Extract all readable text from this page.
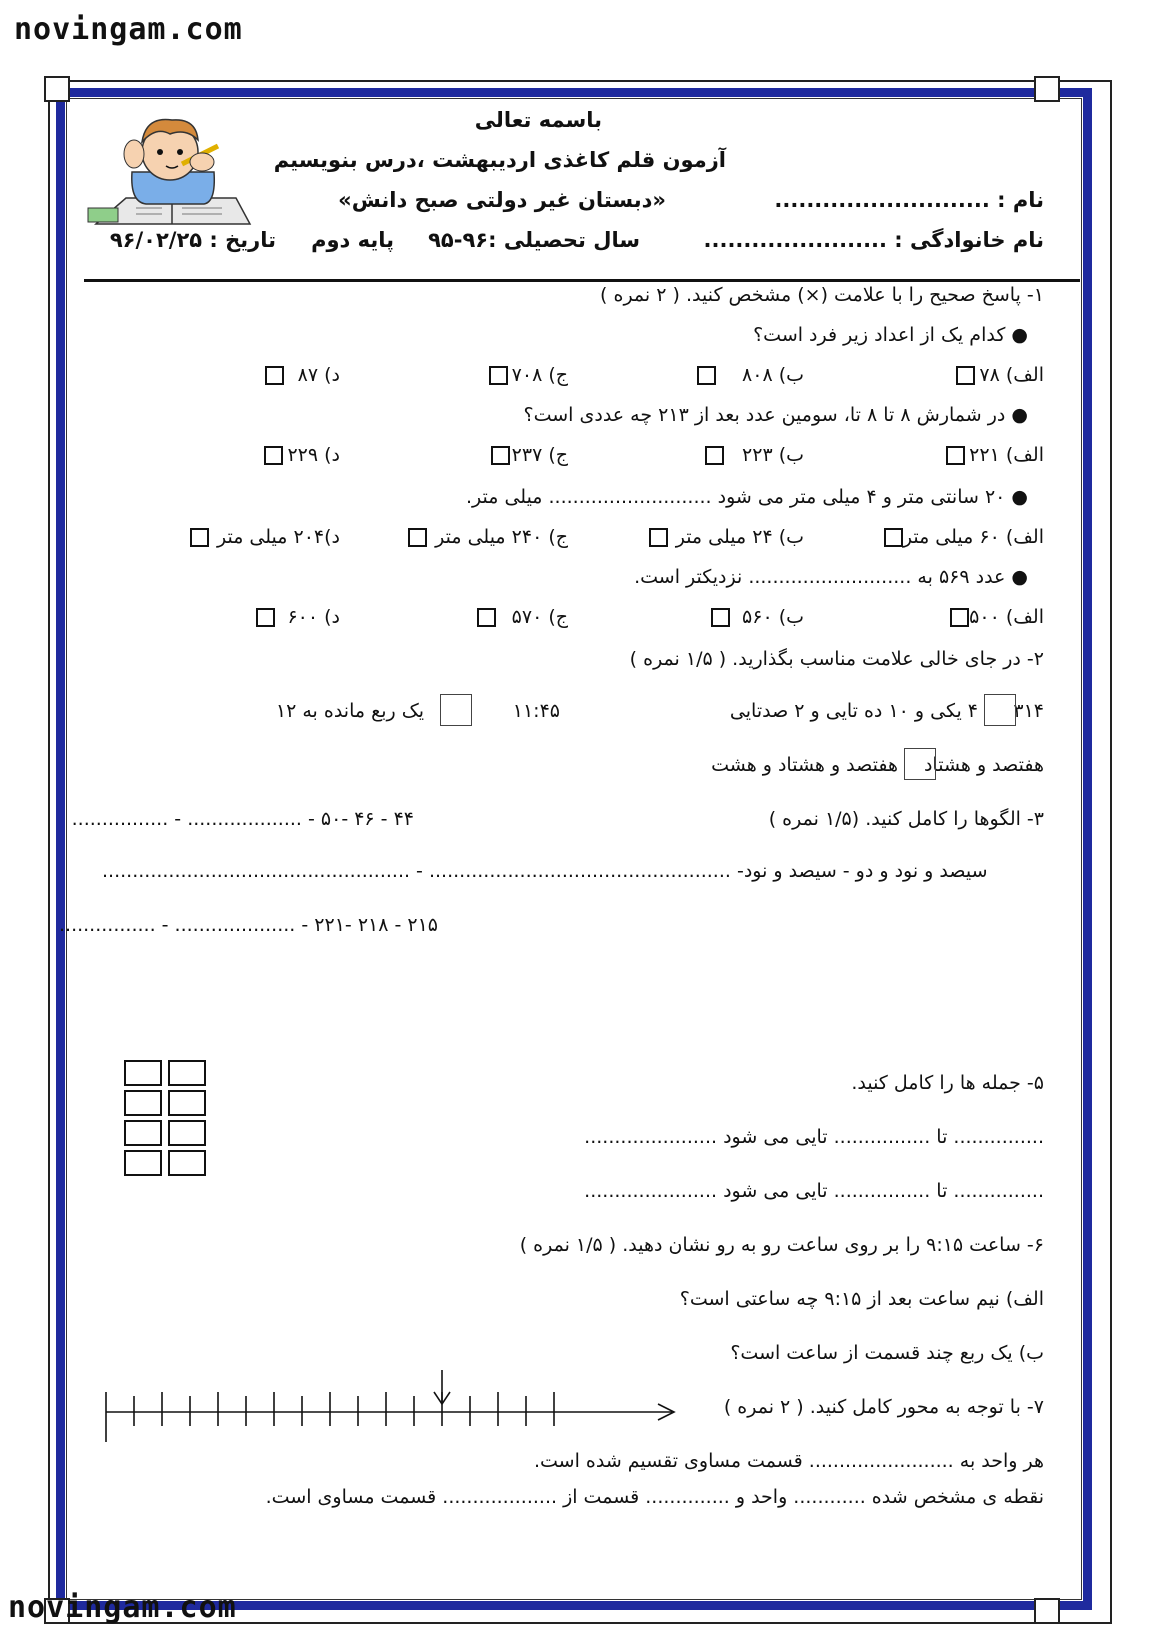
novingam.com
باسمه تعالی
آزمون قلم کاغذی اردیبهشت ،درس بنویسیم
«دبستان غیر دولتی صبح دانش»	نام : ...........................
نام خانوادگی : .......................
سال تحصیلی :۹۶-۹۵
پایه دوم
تاریخ : ۹۶/۰۲/۲۵
۱- پاسخ صحیح را با علامت (×) مشخص کنید. ( ۲ نمره )
● کدام یک از اعداد زیر فرد است؟
الف) ۷۸
ب) ۸۰۸
ج) ۷۰۸
د) ۸۷
● در شمارش ۸ تا ۸ تا، سومین عدد بعد از ۲۱۳ چه عددی است؟
الف) ۲۲۱
ب) ۲۲۳
ج) ۲۳۷
د) ۲۲۹
● ۲۰ سانتی متر و ۴ میلی متر می شود ........................... میلی متر.
الف) ۶۰ میلی متر
ب) ۲۴ میلی متر
ج) ۲۴۰ میلی متر
د)۲۰۴ میلی متر
● عدد ۵۶۹ به ........................... نزدیکتر است.
الف) ۵۰۰
ب) ۵۶۰
ج) ۵۷۰
د) ۶۰۰
۲- در جای خالی علامت مناسب بگذارید. ( ۱/۵ نمره )
۳۱۴
۴ یکی و ۱۰ ده تایی و ۲ صدتایی
۱۱:۴۵
یک ربع مانده به ۱۲
هفتصد و هشتاد
هفتصد و هشتاد و هشت
۳- الگوها را کامل کنید. (۱/۵ نمره )
۴۴ - ۴۶ -۵۰ - ................... - ................
سیصد و نود و دو - سیصد و نود- .................................................. - ...................................................
۲۱۵ - ۲۱۸ -۲۲۱ - .................... - ................
۵- جمله ها را کامل کنید.
............... تا ................ تایی می شود ......................
............... تا ................ تایی می شود ......................
۶- ساعت ۹:۱۵ را بر روی ساعت رو به رو نشان دهید. ( ۱/۵ نمره )
الف) نیم ساعت بعد از ۹:۱۵ چه ساعتی است؟
ب) یک ربع چند قسمت از ساعت است؟
۷- با توجه به محور کامل کنید. ( ۲ نمره )
هر واحد به ........................ قسمت مساوی تقسیم شده است.
نقطه ی مشخص شده ............ واحد و .............. قسمت از ................... قسمت مساوی است.
novingam.com
